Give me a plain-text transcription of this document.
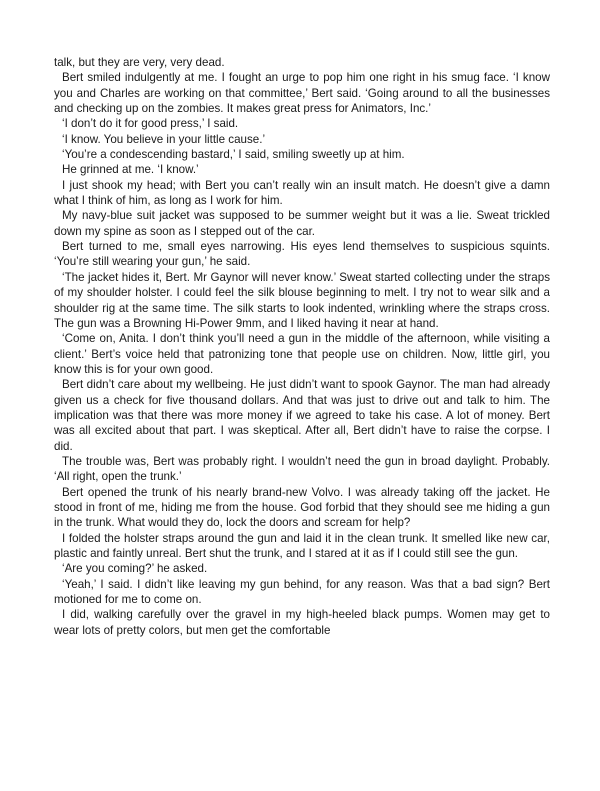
talk, but they are very, very dead.

Bert smiled indulgently at me. I fought an urge to pop him one right in his smug face. ‘I know you and Charles are working on that committee,’ Bert said. ‘Going around to all the businesses and checking up on the zombies. It makes great press for Animators, Inc.’

‘I don’t do it for good press,’ I said.

‘I know. You believe in your little cause.’

‘You’re a condescending bastard,’ I said, smiling sweetly up at him.

He grinned at me. ‘I know.’

I just shook my head; with Bert you can’t really win an insult match. He doesn’t give a damn what I think of him, as long as I work for him.

My navy-blue suit jacket was supposed to be summer weight but it was a lie. Sweat trickled down my spine as soon as I stepped out of the car.

Bert turned to me, small eyes narrowing. His eyes lend themselves to suspicious squints. ‘You’re still wearing your gun,’ he said.

‘The jacket hides it, Bert. Mr Gaynor will never know.’ Sweat started collecting under the straps of my shoulder holster. I could feel the silk blouse beginning to melt. I try not to wear silk and a shoulder rig at the same time. The silk starts to look indented, wrinkling where the straps cross. The gun was a Browning Hi-Power 9mm, and I liked having it near at hand.

‘Come on, Anita. I don’t think you’ll need a gun in the middle of the afternoon, while visiting a client.’ Bert’s voice held that patronizing tone that people use on children. Now, little girl, you know this is for your own good.

Bert didn’t care about my wellbeing. He just didn’t want to spook Gaynor. The man had already given us a check for five thousand dollars. And that was just to drive out and talk to him. The implication was that there was more money if we agreed to take his case. A lot of money. Bert was all excited about that part. I was skeptical. After all, Bert didn’t have to raise the corpse. I did.

The trouble was, Bert was probably right. I wouldn’t need the gun in broad daylight. Probably. ‘All right, open the trunk.’

Bert opened the trunk of his nearly brand-new Volvo. I was already taking off the jacket. He stood in front of me, hiding me from the house. God forbid that they should see me hiding a gun in the trunk. What would they do, lock the doors and scream for help?

I folded the holster straps around the gun and laid it in the clean trunk. It smelled like new car, plastic and faintly unreal. Bert shut the trunk, and I stared at it as if I could still see the gun.

‘Are you coming?’ he asked.

‘Yeah,’ I said. I didn’t like leaving my gun behind, for any reason. Was that a bad sign? Bert motioned for me to come on.

I did, walking carefully over the gravel in my high-heeled black pumps. Women may get to wear lots of pretty colors, but men get the comfortable
